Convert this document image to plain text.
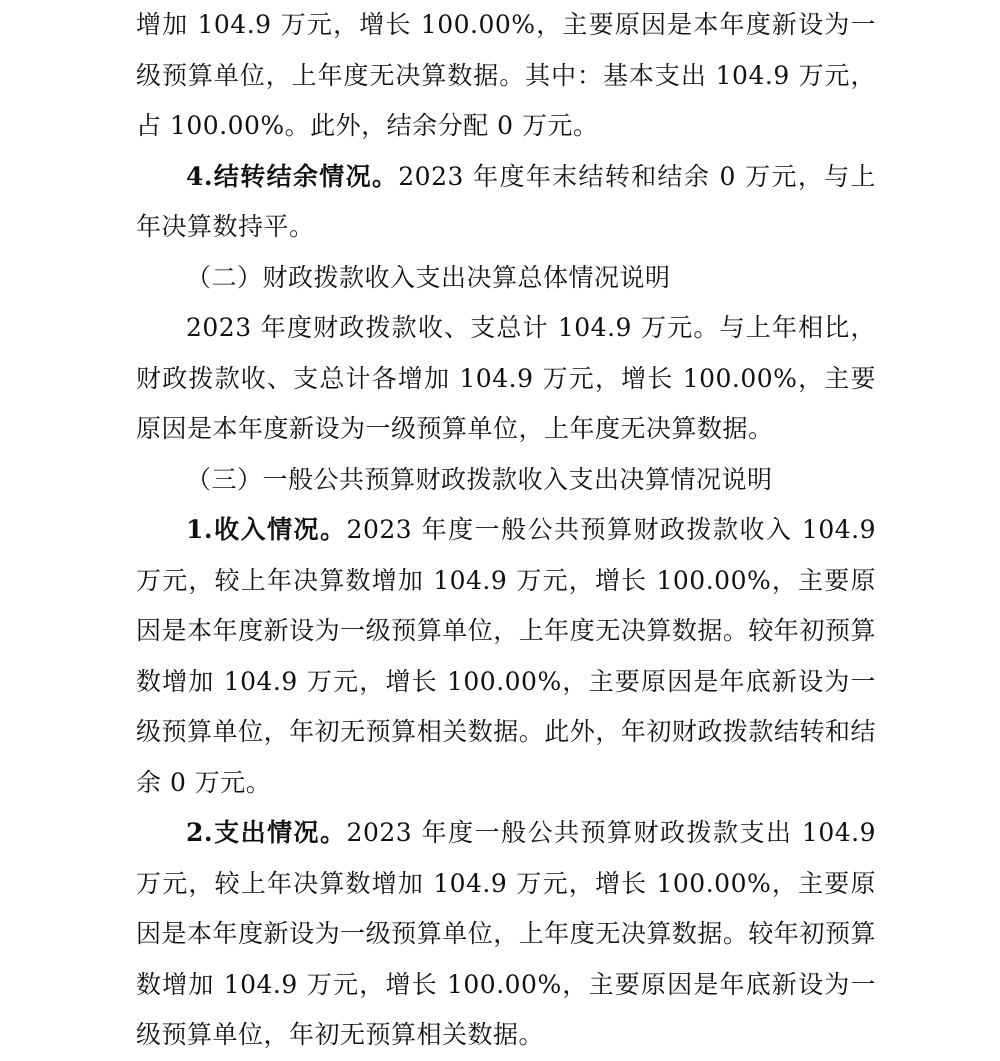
增加 104.9 万元，增长 100.00%，主要原因是本年度新设为一级预算单位，上年度无决算数据。其中：基本支出 104.9 万元，占 100.00%。此外，结余分配 0 万元。

4.结转结余情况。2023 年度年末结转和结余 0 万元，与上年决算数持平。

（二）财政拨款收入支出决算总体情况说明

2023 年度财政拨款收、支总计 104.9 万元。与上年相比，财政拨款收、支总计各增加 104.9 万元，增长 100.00%，主要原因是本年度新设为一级预算单位，上年度无决算数据。

（三）一般公共预算财政拨款收入支出决算情况说明

1.收入情况。2023 年度一般公共预算财政拨款收入 104.9 万元，较上年决算数增加 104.9 万元，增长 100.00%，主要原因是本年度新设为一级预算单位，上年度无决算数据。较年初预算数增加 104.9 万元，增长 100.00%，主要原因是年底新设为一级预算单位，年初无预算相关数据。此外，年初财政拨款结转和结余 0 万元。

2.支出情况。2023 年度一般公共预算财政拨款支出 104.9 万元，较上年决算数增加 104.9 万元，增长 100.00%，主要原因是本年度新设为一级预算单位，上年度无决算数据。较年初预算数增加 104.9 万元，增长 100.00%，主要原因是年底新设为一级预算单位，年初无预算相关数据。
